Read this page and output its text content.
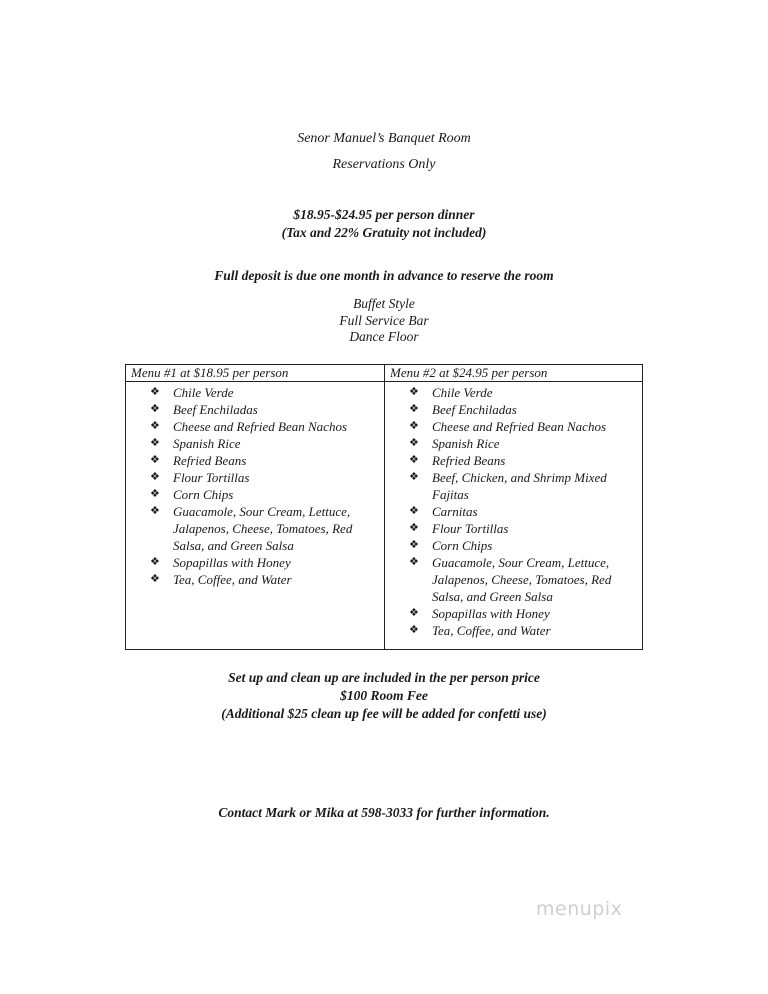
Senor Manuel’s Banquet Room
Reservations Only
$18.95-$24.95 per person dinner
(Tax and 22% Gratuity not included)
Full deposit is due one month in advance to reserve the room
Buffet Style
Full Service Bar
Dance Floor
Menu #1 at $18.95 per person
❖ Chile Verde
❖ Beef Enchiladas
❖ Cheese and Refried Bean Nachos
❖ Spanish Rice
❖ Refried Beans
❖ Flour Tortillas
❖ Corn Chips
❖ Guacamole, Sour Cream, Lettuce, Jalapenos, Cheese, Tomatoes, Red Salsa, and Green Salsa
❖ Sopapillas with Honey
❖ Tea, Coffee, and Water
Menu #2 at $24.95 per person
❖ Chile Verde
❖ Beef Enchiladas
❖ Cheese and Refried Bean Nachos
❖ Spanish Rice
❖ Refried Beans
❖ Beef, Chicken, and Shrimp Mixed Fajitas
❖ Carnitas
❖ Flour Tortillas
❖ Corn Chips
❖ Guacamole, Sour Cream, Lettuce, Jalapenos, Cheese, Tomatoes, Red Salsa, and Green Salsa
❖ Sopapillas with Honey
❖ Tea, Coffee, and Water
Set up and clean up are included in the per person price
$100 Room Fee
(Additional $25 clean up fee will be added for confetti use)
Contact Mark or Mika at 598-3033 for further information.
menupix
